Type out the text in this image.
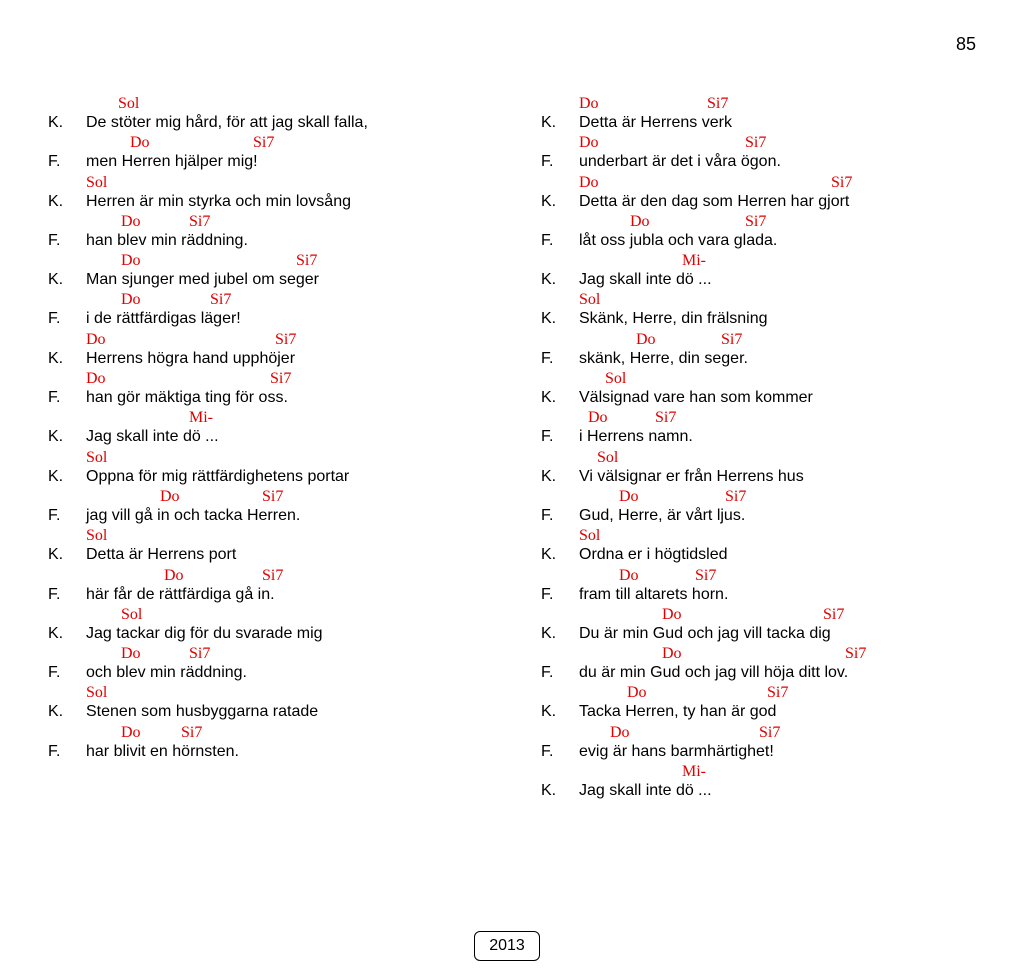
85
Sol
K. De stöter mig hård, för att jag skall falla,
Do	Si7
F. men Herren hjälper mig!
Sol
K. Herren är min styrka och min lovsång
Do	Si7
F. han blev min räddning.
Do	Si7
K. Man sjunger med jubel om seger
Do	Si7
F. i de rättfärdigas läger!
Do	Si7
K. Herrens högra hand upphöjer
Do	Si7
F. han gör mäktiga ting för oss.
Mi-
K. Jag skall inte dö ...
Sol
K. Oppna för mig rättfärdighetens portar
Do	Si7
F. jag vill gå in och tacka Herren.
Sol
K. Detta är Herrens port
Do	Si7
F. här får de rättfärdiga gå in.
Sol
K. Jag tackar dig för du svarade mig
Do	Si7
F. och blev min räddning.
Sol
K. Stenen som husbyggarna ratade
Do	Si7
F. har blivit en hörnsten.
Do	Si7
K. Detta är Herrens verk
Do	Si7
F. underbart är det i våra ögon.
Do	Si7
K. Detta är den dag som Herren har gjort
Do	Si7
F. låt oss jubla och vara glada.
Mi-
K. Jag skall inte dö ...
Sol
K. Skänk, Herre, din frälsning
Do	Si7
F. skänk, Herre, din seger.
Sol
K. Välsignad vare han som kommer
Do	Si7
F. i Herrens namn.
Sol
K. Vi välsignar er från Herrens hus
Do	Si7
F. Gud, Herre, är vårt ljus.
Sol
K. Ordna er i högtidsled
Do	Si7
F. fram till altarets horn.
Do	Si7
K. Du är min Gud och jag vill tacka dig
Do	Si7
F. du är min Gud och jag vill höja ditt lov.
Do	Si7
K. Tacka Herren, ty han är god
Do	Si7
F. evig är hans barmhärtighet!
Mi-
K. Jag skall inte dö ...
2013
